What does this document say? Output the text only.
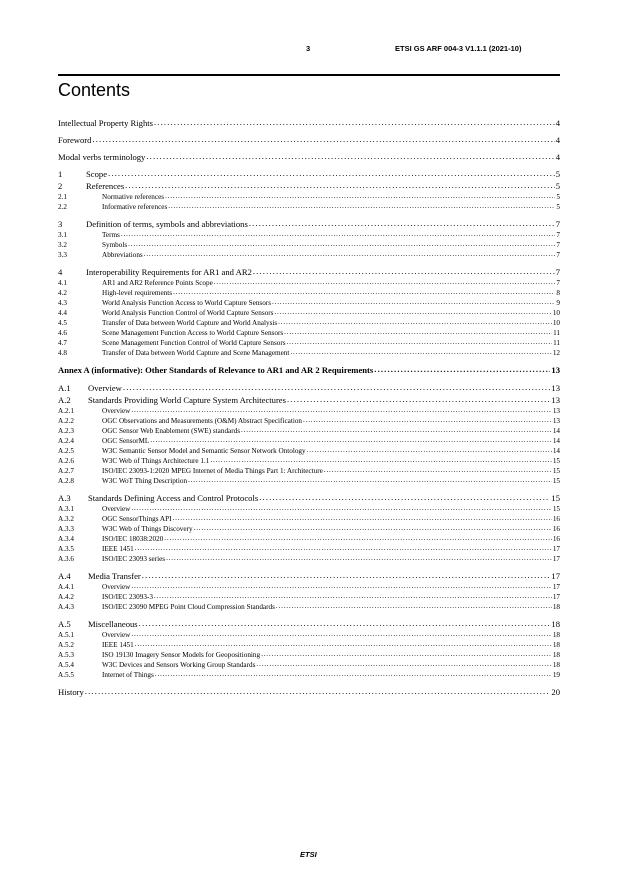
3	ETSI GS ARF 004-3 V1.1.1 (2021-10)
Contents
Intellectual Property Rights . . .	4
Foreword . . .	4
Modal verbs terminology . . .	4
1	Scope . . .	5
2	References . . .	5
2.1	Normative references . . .	5
2.2	Informative references . . .	5
3	Definition of terms, symbols and abbreviations . . .	7
3.1	Terms . . .	7
3.2	Symbols . . .	7
3.3	Abbreviations . . .	7
4	Interoperability Requirements for AR1 and AR2 . . .	7
4.1	AR1 and AR2 Reference Points Scope . . .	7
4.2	High-level requirements . . .	8
4.3	World Analysis Function Access to World Capture Sensors . . .	9
4.4	World Analysis Function Control of World Capture Sensors . . .	10
4.5	Transfer of Data between World Capture and World Analysis . . .	10
4.6	Scene Management Function Access to World Capture Sensors . . .	11
4.7	Scene Management Function Control of World Capture Sensors . . .	11
4.8	Transfer of Data between World Capture and Scene Management . . .	12
Annex A (informative): Other Standards of Relevance to AR1 and AR 2 Requirements . . .	13
A.1	Overview . . .	13
A.2	Standards Providing World Capture System Architectures . . .	13
A.2.1	Overview . . .	13
A.2.2	OGC Observations and Measurements (O&M) Abstract Specification . . .	13
A.2.3	OGC Sensor Web Enablement (SWE) standards . . .	14
A.2.4	OGC SensorML . . .	14
A.2.5	W3C Semantic Sensor Model and Semantic Sensor Network Ontology . . .	14
A.2.6	W3C Web of Things Architecture 1.1 . . .	15
A.2.7	ISO/IEC 23093-1:2020 MPEG Internet of Media Things Part 1: Architecture . . .	15
A.2.8	W3C WoT Thing Description . . .	15
A.3	Standards Defining Access and Control Protocols . . .	15
A.3.1	Overview . . .	15
A.3.2	OGC SensorThings API . . .	16
A.3.3	W3C Web of Things Discovery . . .	16
A.3.4	ISO/IEC 18038:2020 . . .	16
A.3.5	IEEE 1451 . . .	17
A.3.6	ISO/IEC 23093 series . . .	17
A.4	Media Transfer . . .	17
A.4.1	Overview . . .	17
A.4.2	ISO/IEC 23093-3 . . .	17
A.4.3	ISO/IEC 23090 MPEG Point Cloud Compression Standards . . .	18
A.5	Miscellaneous . . .	18
A.5.1	Overview . . .	18
A.5.2	IEEE 1451 . . .	18
A.5.3	ISO 19130 Imagery Sensor Models for Geopositioning . . .	18
A.5.4	W3C Devices and Sensors Working Group Standards . . .	18
A.5.5	Internet of Things . . .	19
History . . .	20
ETSI
